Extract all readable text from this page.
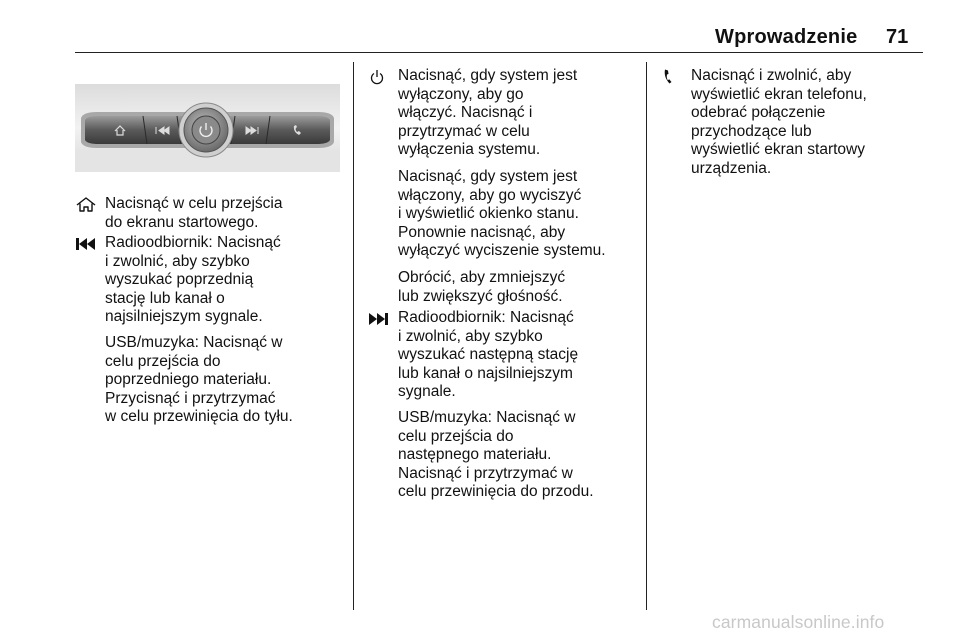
Wprowadzenie 71
Nacisnąć w celu przejścia
do ekranu startowego.
Radioodbiornik: Nacisnąć
i zwolnić, aby szybko
wyszukać poprzednią
stację lub kanał o
najsilniejszym sygnale.
USB/muzyka: Nacisnąć w
celu przejścia do
poprzedniego materiału.
Przycisnąć i przytrzymać
w celu przewinięcia do tyłu.
Nacisnąć, gdy system jest
wyłączony, aby go
włączyć. Nacisnąć i
przytrzymać w celu
wyłączenia systemu.
Nacisnąć, gdy system jest
włączony, aby go wyciszyć
i wyświetlić okienko stanu.
Ponownie nacisnąć, aby
wyłączyć wyciszenie systemu.
Obrócić, aby zmniejszyć
lub zwiększyć głośność.
Radioodbiornik: Nacisnąć
i zwolnić, aby szybko
wyszukać następną stację
lub kanał o najsilniejszym
sygnale.
USB/muzyka: Nacisnąć w
celu przejścia do
następnego materiału.
Nacisnąć i przytrzymać w
celu przewinięcia do przodu.
Nacisnąć i zwolnić, aby
wyświetlić ekran telefonu,
odebrać połączenie
przychodzące lub
wyświetlić ekran startowy
urządzenia.
carmanualsonline.info
